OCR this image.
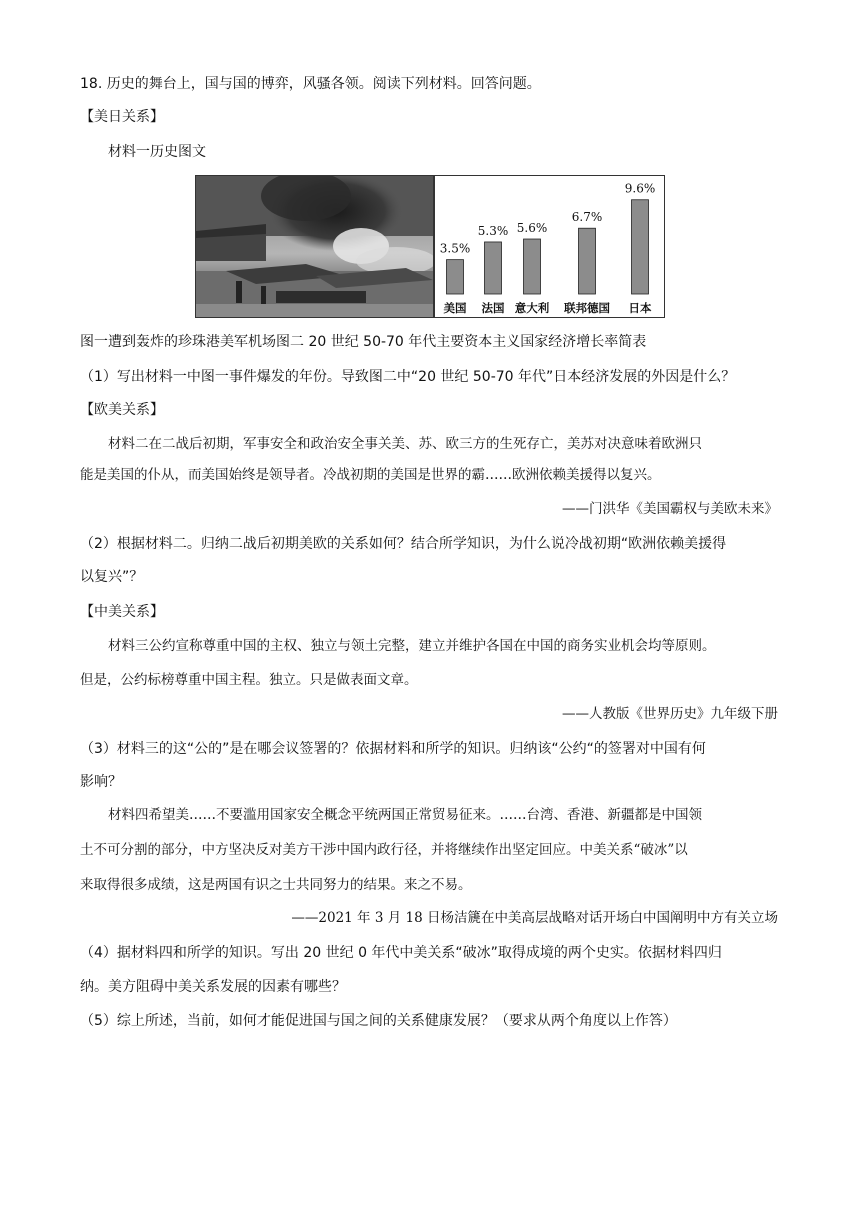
18. 历史的舞台上，国与国的博弈，风骚各领。阅读下列材料。回答问题。
【美日关系】
材料一历史图文
3.5%
美国
5.3%
法国
5.6%
意大利
6.7%
联邦德国
9.6%
日本
图一遭到轰炸的珍珠港美军机场图二 20 世纪 50-70 年代主要资本主义国家经济增长率简表
（1）写出材料一中图一事件爆发的年份。导致图二中“20 世纪 50-70 年代”日本经济发展的外因是什么？
【欧美关系】
材料二在二战后初期，军事安全和政治安全事关美、苏、欧三方的生死存亡，美苏对决意味着欧洲只
能是美国的仆从，而美国始终是领导者。冷战初期的美国是世界的霸……欧洲依赖美援得以复兴。
——门洪华《美国霸权与美欧未来》
（2）根据材料二。归纳二战后初期美欧的关系如何？结合所学知识，为什么说冷战初期“欧洲依赖美援得
以复兴”？
【中美关系】
材料三公约宣称尊重中国的主权、独立与领土完整，建立并维护各国在中国的商务实业机会均等原则。
但是，公约标榜尊重中国主程。独立。只是做表面文章。
——人教版《世界历史》九年级下册
（3）材料三的这“公的”是在哪会议签署的？依据材料和所学的知识。归纳该“公约“的签署对中国有何
影响？
材料四希望美……不要滥用国家安全概念平统两国正常贸易征来。……台湾、香港、新疆都是中国领
土不可分割的部分，中方坚决反对美方干涉中国内政行径，并将继续作出坚定回应。中美关系“破冰”以
来取得很多成绩，这是两国有识之士共同努力的结果。来之不易。
——2021 年 3 月 18 日杨洁篪在中美高层战略对话开场白中国阐明中方有关立场
（4）据材料四和所学的知识。写出 20 世纪 0 年代中美关系“破冰”取得成境的两个史实。依据材料四归
纳。美方阻碍中美关系发展的因素有哪些？
（5）综上所述，当前，如何才能促进国与国之间的关系健康发展？（要求从两个角度以上作答）
